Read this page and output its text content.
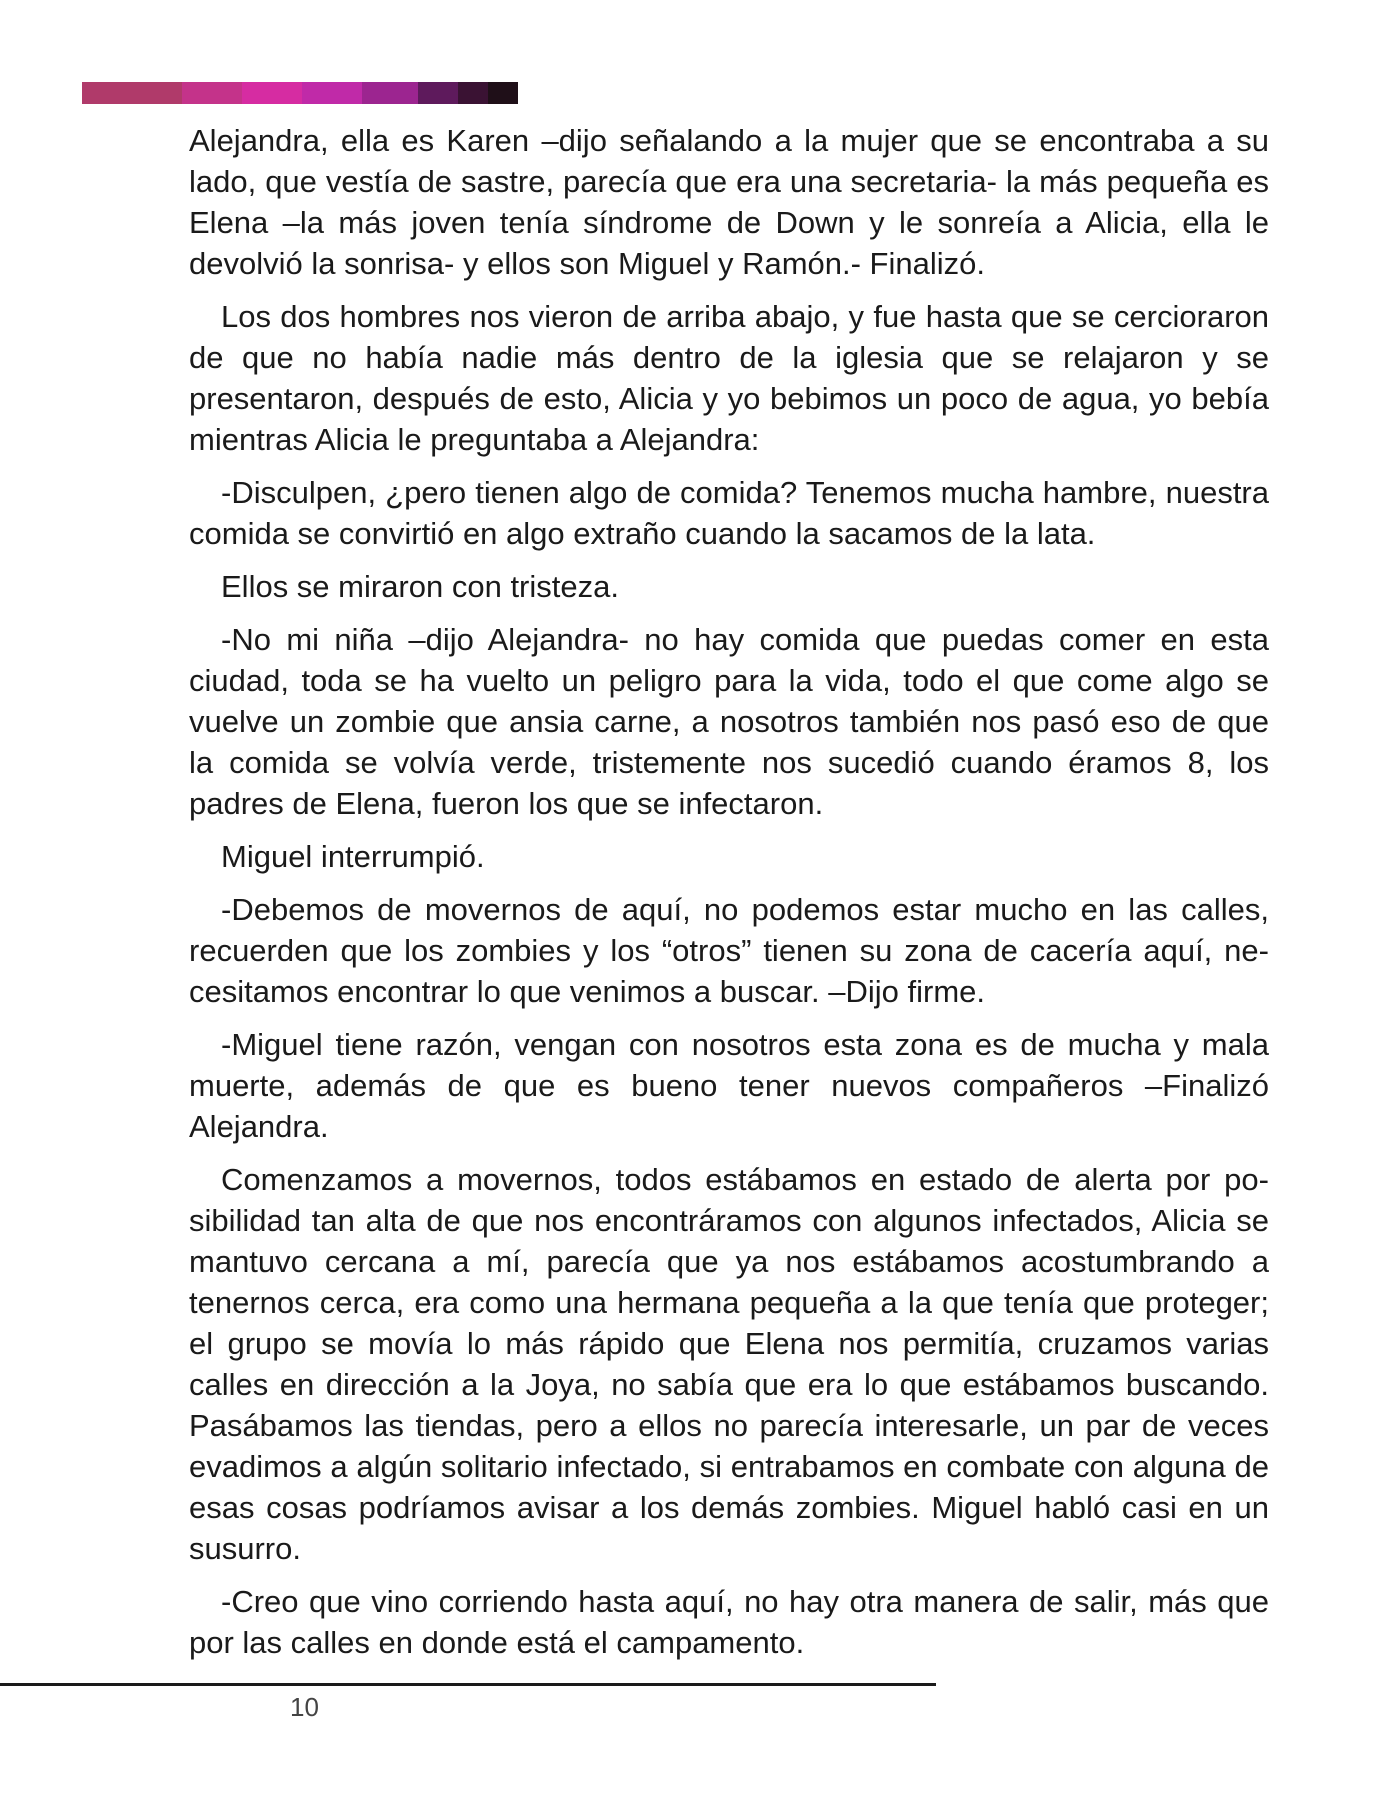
Alejandra, ella es Karen –dijo señalando a la mujer que se encontraba a su lado, que vestía de sastre, parecía que era una secretaria- la más pequeña es Elena –la más joven tenía síndrome de Down y le sonreía a Alicia, ella le devolvió la sonrisa- y ellos son Miguel y Ramón.- Finalizó.

Los dos hombres nos vieron de arriba abajo, y fue hasta que se cercioraron de que no había nadie más dentro de la iglesia que se relajaron y se presentaron, después de esto, Alicia y yo bebimos un poco de agua, yo bebía mientras Alicia le preguntaba a Alejandra:

-Disculpen, ¿pero tienen algo de comida? Tenemos mucha hambre, nuestra comida se convirtió en algo extraño cuando la sacamos de la lata.

Ellos se miraron con tristeza.

-No mi niña –dijo Alejandra- no hay comida que puedas comer en esta ciudad, toda se ha vuelto un peligro para la vida, todo el que come algo se vuelve un zombie que ansia carne, a nosotros también nos pasó eso de que la comida se volvía verde, tristemente nos sucedió cuando éramos 8, los padres de Elena, fueron los que se infectaron.

Miguel interrumpió.

-Debemos de movernos de aquí, no podemos estar mucho en las calles, recuerden que los zombies y los “otros” tienen su zona de cacería aquí, necesitamos encontrar lo que venimos a buscar. –Dijo firme.

-Miguel tiene razón, vengan con nosotros esta zona es de mucha y mala muerte, además de que es bueno tener nuevos compañeros –Finalizó Alejandra.

Comenzamos a movernos, todos estábamos en estado de alerta por posibilidad tan alta de que nos encontráramos con algunos infectados, Alicia se mantuvo cercana a mí, parecía que ya nos estábamos acostumbrando a tenernos cerca, era como una hermana pequeña a la que tenía que proteger; el grupo se movía lo más rápido que Elena nos permitía, cruzamos varias calles en dirección a la Joya, no sabía que era lo que estábamos buscando. Pasábamos las tiendas, pero a ellos no parecía interesarle, un par de veces evadimos a algún solitario infectado, si entrabamos en combate con alguna de esas cosas podríamos avisar a los demás zombies. Miguel habló casi en un susurro.

-Creo que vino corriendo hasta aquí, no hay otra manera de salir, más que por las calles en donde está el campamento.

10
